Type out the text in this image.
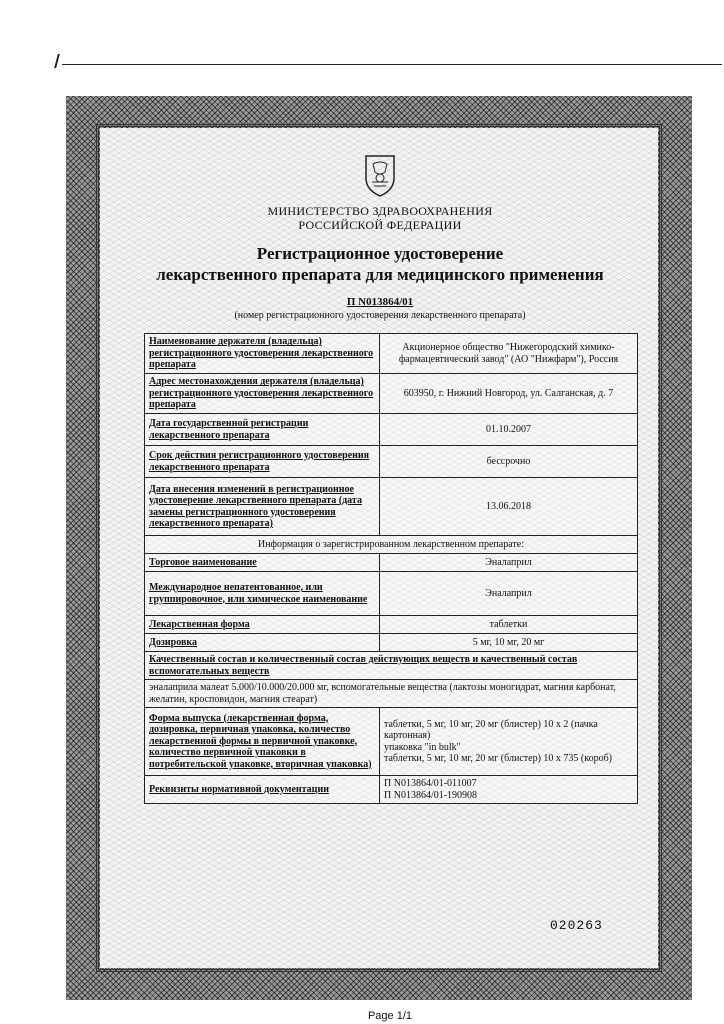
МИНИСТЕРСТВО ЗДРАВООХРАНЕНИЯ
РОССИЙСКОЙ ФЕДЕРАЦИИ
Регистрационное удостоверение
лекарственного препарата для медицинского применения
П N013864/01
(номер регистрационного удостоверения лекарственного препарата)
Наименование держателя (владельца) регистрационного удостоверения лекарственного препарата	Акционерное общество "Нижегородский химико-фармацевтический завод" (АО "Нижфарм"), Россия
Адрес местонахождения держателя (владельца) регистрационного удостоверения лекарственного препарата	603950, г. Нижний Новгород, ул. Салганская, д. 7
Дата государственной регистрации лекарственного препарата	01.10.2007
Срок действия регистрационного удостоверения лекарственного препарата	бессрочно
Дата внесения изменений в регистрационное удостоверение лекарственного препарата (дата замены регистрационного удостоверения лекарственного препарата)	13.06.2018
Информация о зарегистрированном лекарственном препарате:	
Торговое наименование	Эналаприл
Международное непатентованное, или группировочное, или химическое наименование	Эналаприл
Лекарственная форма	таблетки
Дозировка	5 мг, 10 мг, 20 мг
Качественный состав и количественный состав действующих веществ и качественный состав вспомогательных веществ	
эналаприла малеат 5.000/10.000/20.000 мг, вспомогательные вещества (лактозы моногидрат, магния карбонат, желатин, кросповидон, магния стеарат)	
Форма выпуска (лекарственная форма, дозировка, первичная упаковка, количество лекарственной формы в первичной упаковке, количество первичной упаковки в потребительской упаковке, вторичная упаковка)	таблетки, 5 мг, 10 мг, 20 мг (блистер) 10 x 2 (пачка картонная)
упаковка "in bulk"
таблетки, 5 мг, 10 мг, 20 мг (блистер) 10 x 735 (короб)

Реквизиты нормативной документации	П N013864/01-011007
П N013864/01-190908
020263
Page 1/1
